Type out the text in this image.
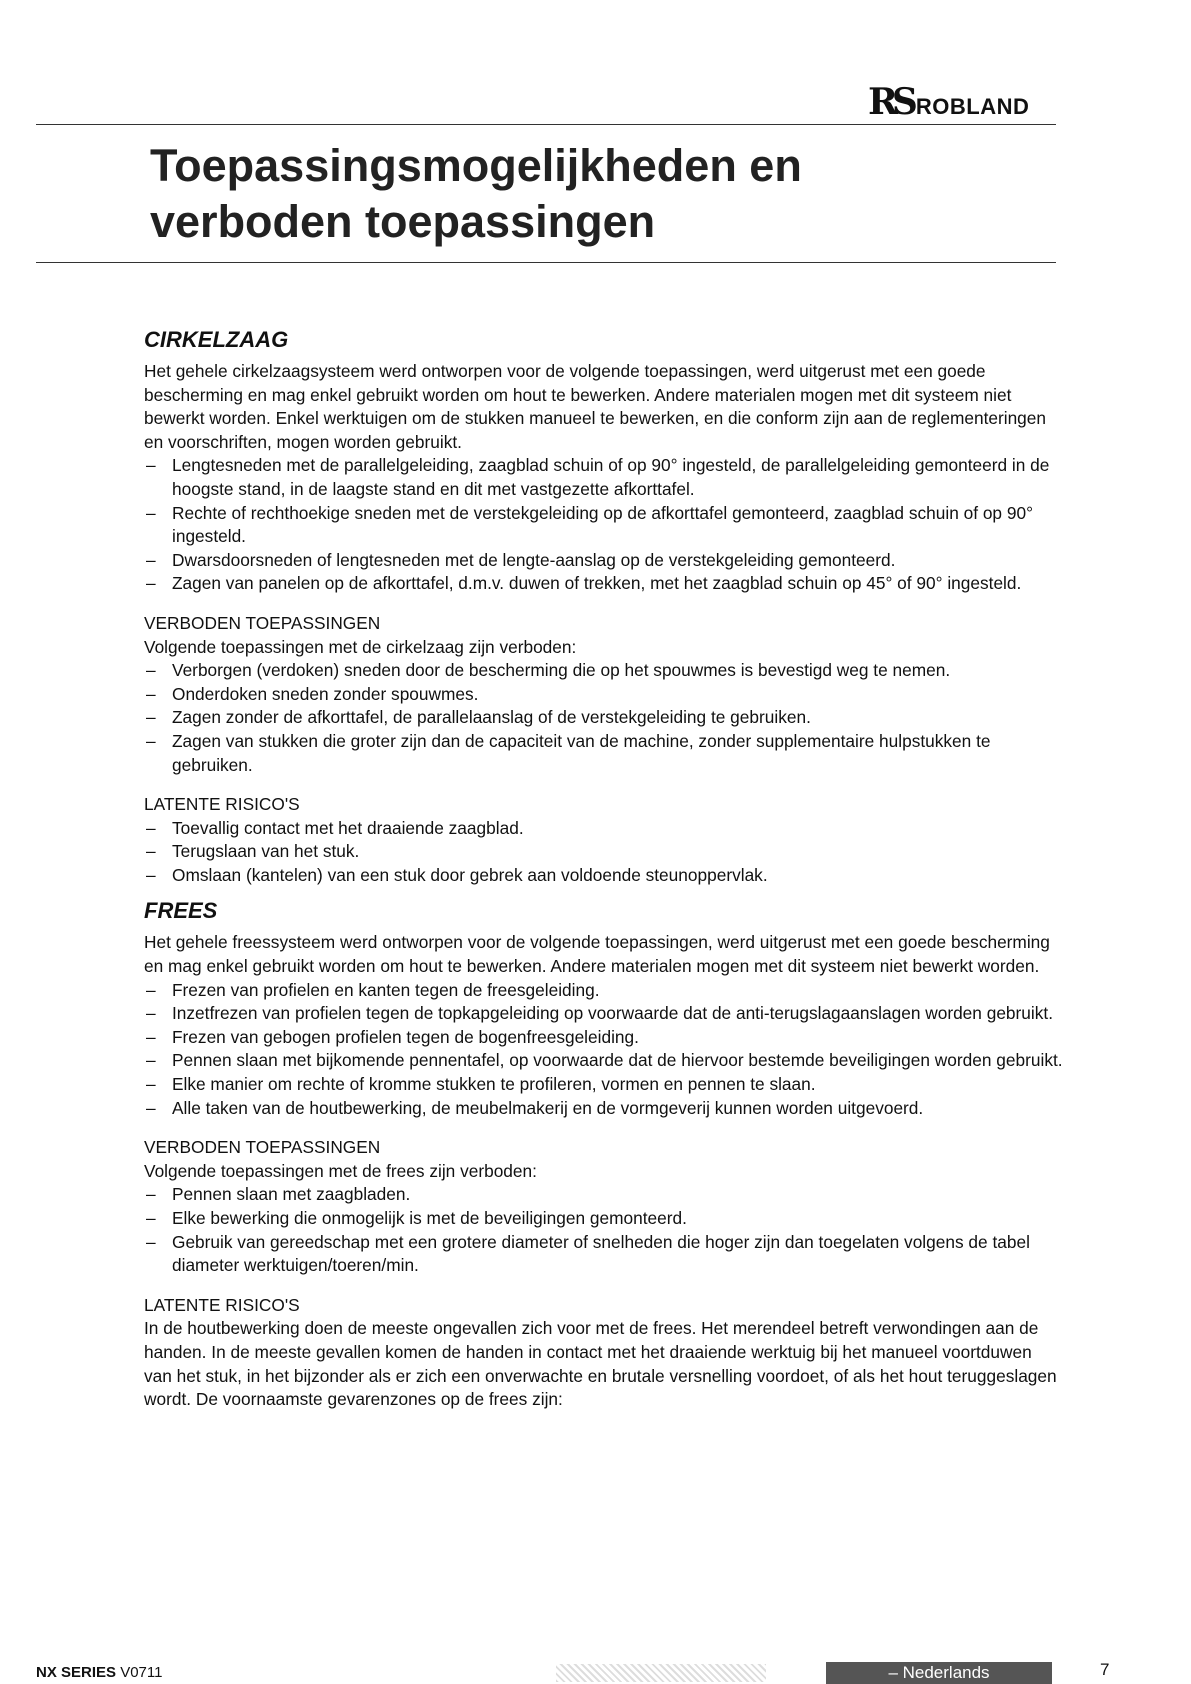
RS ROBLAND
Toepassingsmogelijkheden en
verboden toepassingen
CIRKELZAAG

Het gehele cirkelzaagsysteem werd ontworpen voor de volgende toepassingen, werd uitgerust met een goede bescherming en mag enkel gebruikt worden om hout te bewerken. Andere materialen mogen met dit systeem niet bewerkt worden. Enkel werktuigen om de stukken manueel te bewerken, en die conform zijn aan de reglementeringen en voorschriften, mogen worden gebruikt.

– Lengtesneden met de parallelgeleiding, zaagblad schuin of op 90° ingesteld, de parallelgeleiding gemonteerd in de hoogste stand, in de laagste stand en dit met vastgezette afkorttafel.
– Rechte of rechthoekige sneden met de verstekgeleiding op de afkorttafel gemonteerd, zaagblad schuin of op 90° ingesteld.
– Dwarsdoorsneden of lengtesneden met de lengte-aanslag op de verstekgeleiding gemonteerd.
– Zagen van panelen op de afkorttafel, d.m.v. duwen of trekken, met het zaagblad schuin op 45° of 90° ingesteld.

VERBODEN TOEPASSINGEN

Volgende toepassingen met de cirkelzaag zijn verboden:

– Verborgen (verdoken) sneden door de bescherming die op het spouwmes is bevestigd weg te nemen.
– Onderdoken sneden zonder spouwmes.
– Zagen zonder de afkorttafel, de parallelaanslag of de verstekgeleiding te gebruiken.
– Zagen van stukken die groter zijn dan de capaciteit van de machine, zonder supplementaire hulpstukken te gebruiken.

LATENTE RISICO'S

– Toevallig contact met het draaiende zaagblad.
– Terugslaan van het stuk.
– Omslaan (kantelen) van een stuk door gebrek aan voldoende steunoppervlak.
FREES

Het gehele freessysteem werd ontworpen voor de volgende toepassingen, werd uitgerust met een goede bescherming en mag enkel gebruikt worden om hout te bewerken. Andere materialen mogen met dit systeem niet bewerkt worden.

– Frezen van profielen en kanten tegen de freesgeleiding.
– Inzetfrezen van profielen tegen de topkapgeleiding op voorwaarde dat de anti-terugslagaanslagen worden gebruikt.
– Frezen van gebogen profielen tegen de bogenfreesgeleiding.
– Pennen slaan met bijkomende pennentafel, op voorwaarde dat de hiervoor bestemde beveiligingen worden gebruikt.
– Elke manier om rechte of kromme stukken te profileren, vormen en pennen te slaan.
– Alle taken van de houtbewerking, de meubelmakerij en de vormgeverij kunnen worden uitgevoerd.

VERBODEN TOEPASSINGEN

Volgende toepassingen met de frees zijn verboden:

– Pennen slaan met zaagbladen.
– Elke bewerking die onmogelijk is met de beveiligingen gemonteerd.
– Gebruik van gereedschap met een grotere diameter of snelheden die hoger zijn dan toegelaten volgens de tabel diameter werktuigen/toeren/min.

LATENTE RISICO'S

In de houtbewerking doen de meeste ongevallen zich voor met de frees. Het merendeel betreft verwondingen aan de handen. In de meeste gevallen komen de handen in contact met het draaiende werktuig bij het manueel voortduwen van het stuk, in het bijzonder als er zich een onverwachte en brutale versnelling voordoet, of als het hout teruggeslagen wordt. De voornaamste gevarenzones op de frees zijn:

NX SERIES V0711	– Nederlands	7
